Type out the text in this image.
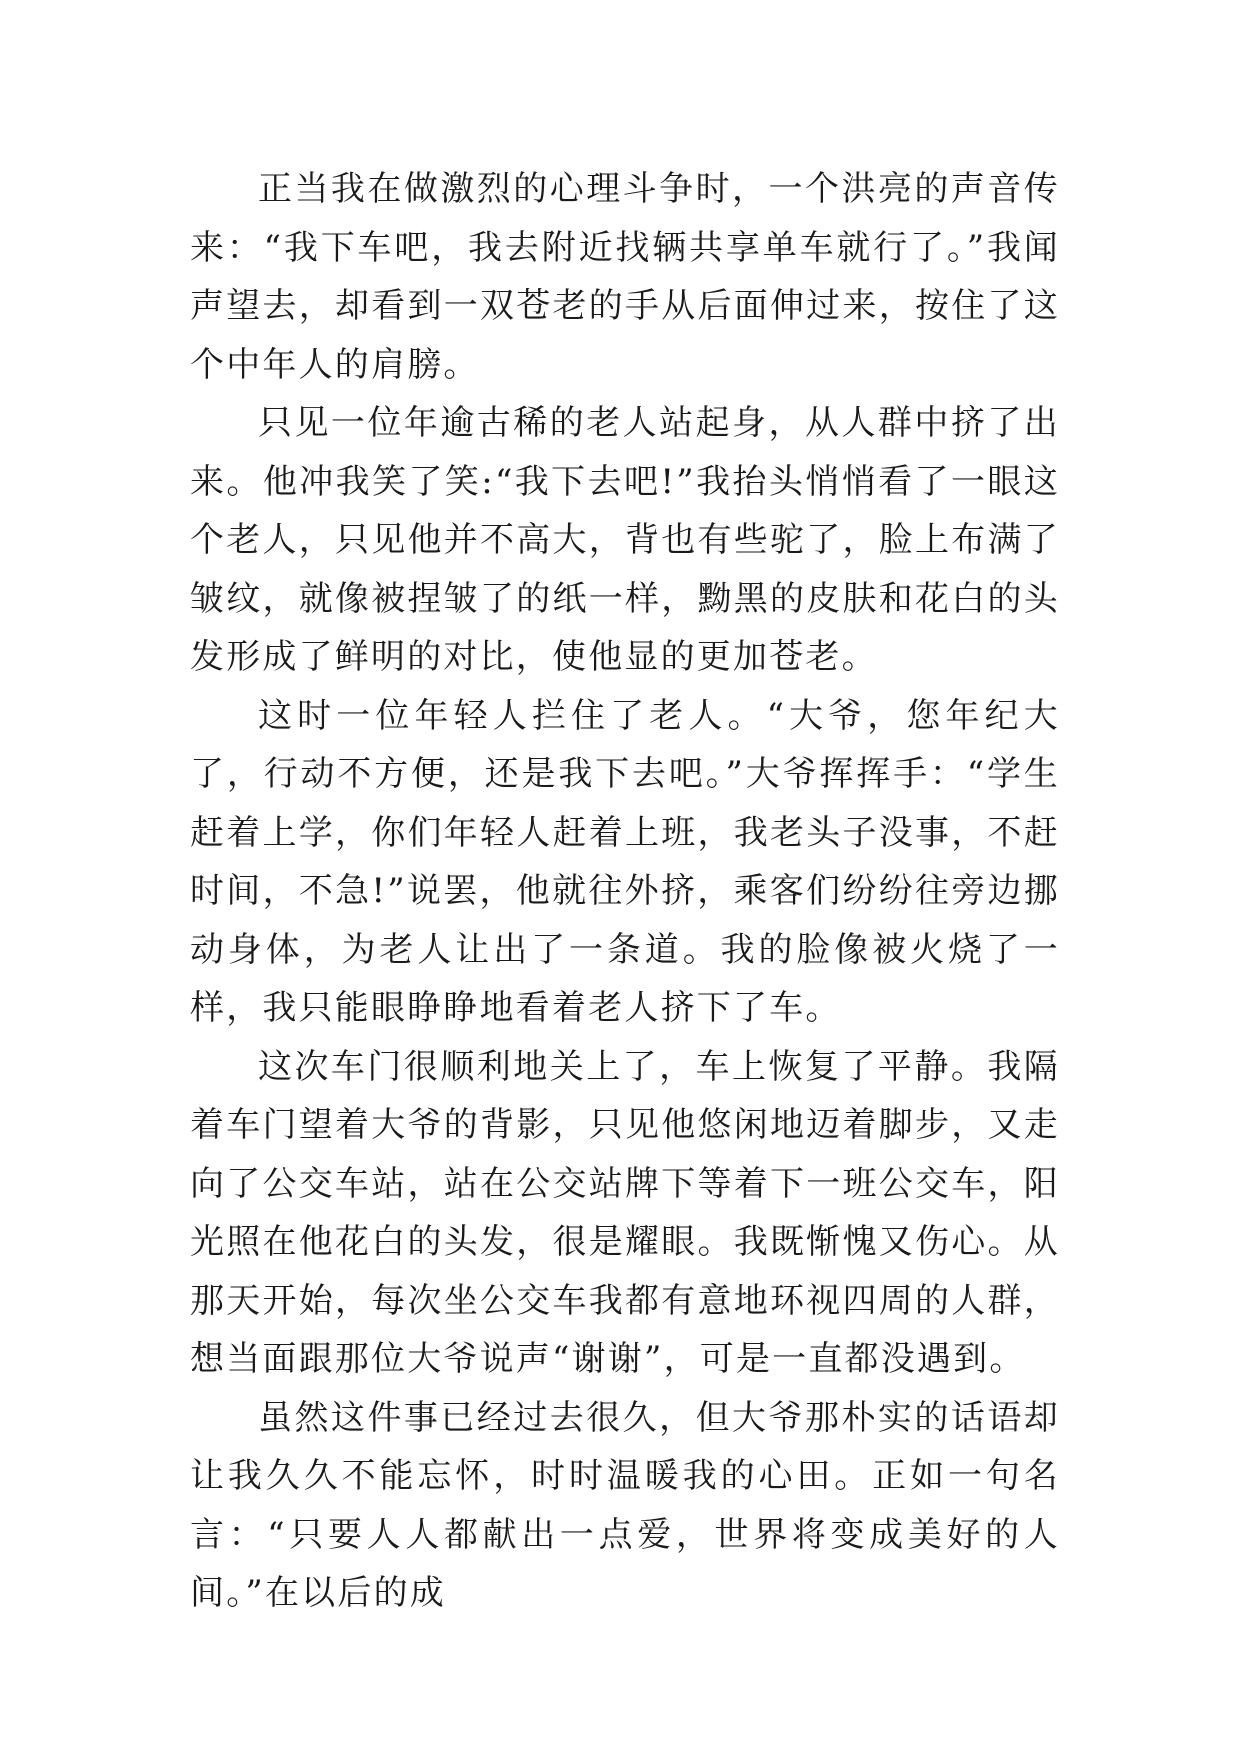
正当我在做激烈的心理斗争时，一个洪亮的声音传来：“我下车吧，我去附近找辆共享单车就行了。”我闻声望去，却看到一双苍老的手从后面伸过来，按住了这个中年人的肩膀。

只见一位年逾古稀的老人站起身，从人群中挤了出来。他冲我笑了笑:“我下去吧!”我抬头悄悄看了一眼这个老人，只见他并不高大，背也有些驼了，脸上布满了皱纹，就像被捏皱了的纸一样，黝黑的皮肤和花白的头发形成了鲜明的对比，使他显的更加苍老。

这时一位年轻人拦住了老人。“大爷，您年纪大了，行动不方便，还是我下去吧。”大爷挥挥手：“学生赶着上学，你们年轻人赶着上班，我老头子没事，不赶时间，不急!”说罢，他就往外挤，乘客们纷纷往旁边挪动身体，为老人让出了一条道。我的脸像被火烧了一样，我只能眼睁睁地看着老人挤下了车。

这次车门很顺利地关上了，车上恢复了平静。我隔着车门望着大爷的背影，只见他悠闲地迈着脚步，又走向了公交车站，站在公交站牌下等着下一班公交车，阳光照在他花白的头发，很是耀眼。我既惭愧又伤心。从那天开始，每次坐公交车我都有意地环视四周的人群，想当面跟那位大爷说声“谢谢”，可是一直都没遇到。

虽然这件事已经过去很久，但大爷那朴实的话语却让我久久不能忘怀，时时温暖我的心田。正如一句名言：“只要人人都献出一点爱，世界将变成美好的人间。”在以后的成
